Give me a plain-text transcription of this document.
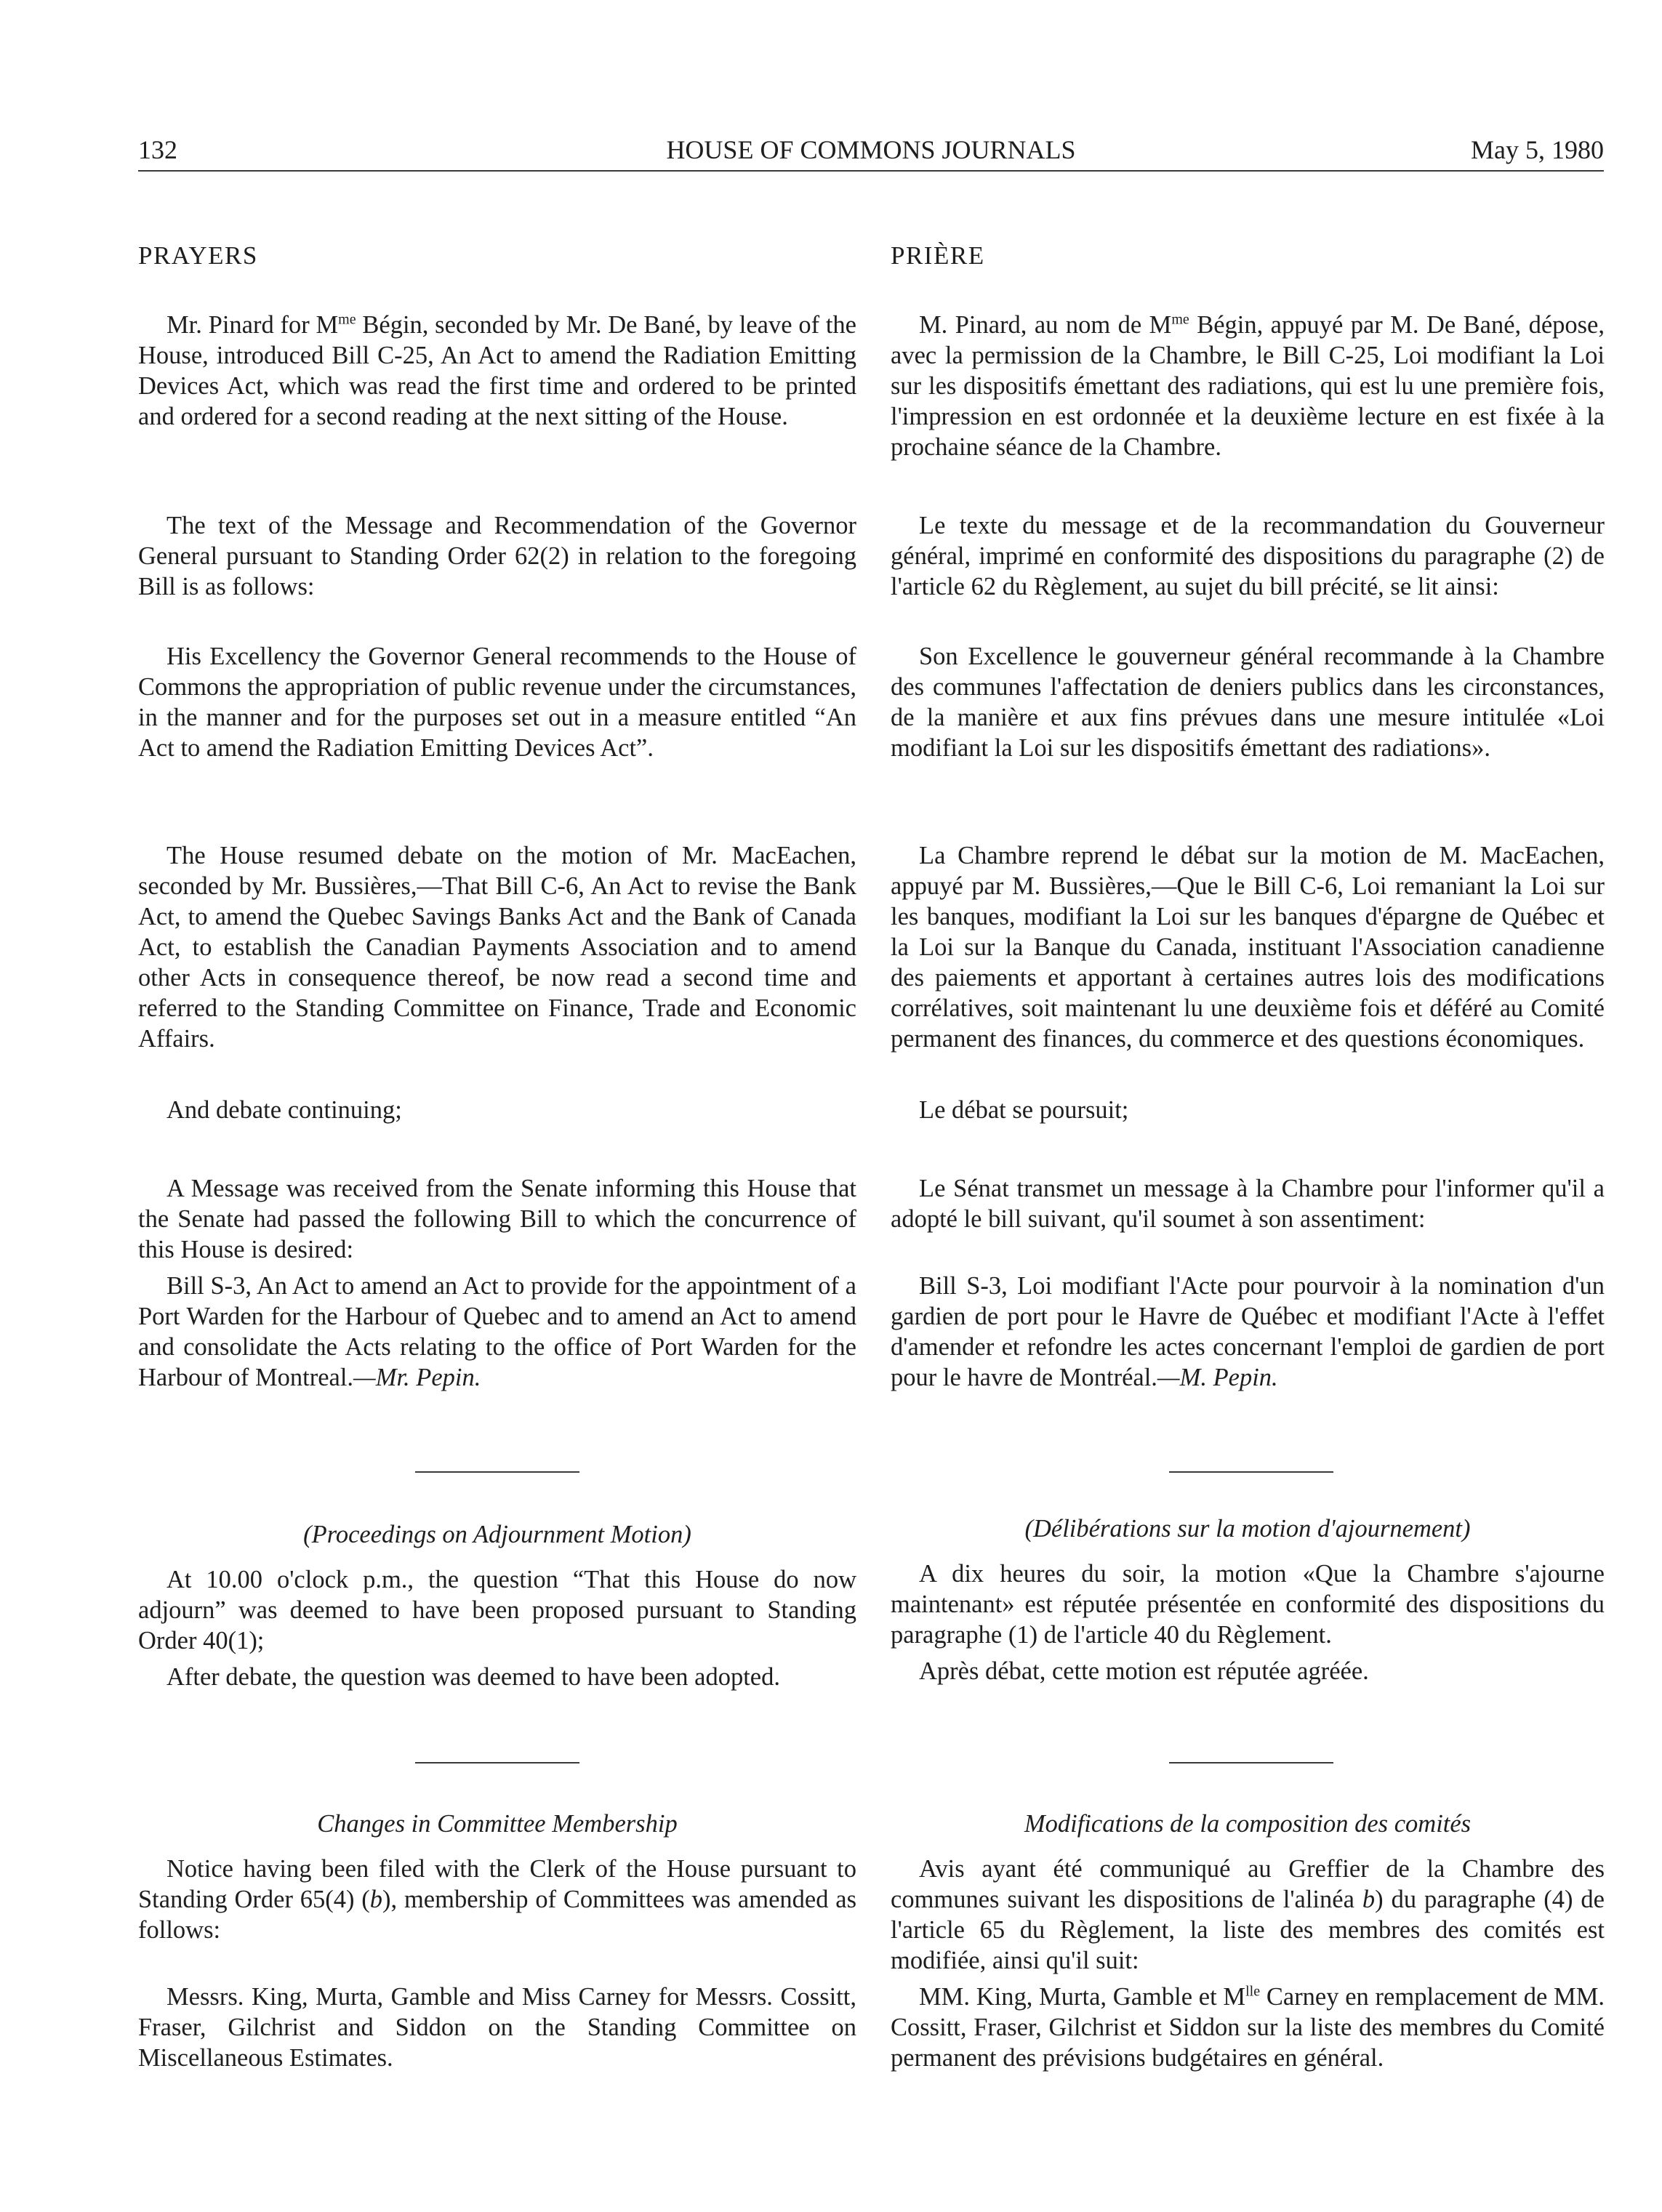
132	HOUSE OF COMMONS JOURNALS	May 5, 1980
PRAYERS
Mr. Pinard for $M^{me}$ Bégin, seconded by Mr. De Bané, by leave of the House, introduced Bill C-25, An Act to amend the Radiation Emitting Devices Act, which was read the first time and ordered to be printed and ordered for a second reading at the next sitting of the House.
The text of the Message and Recommendation of the Governor General pursuant to Standing Order 62(2) in relation to the foregoing Bill is as follows:
His Excellency the Governor General recommends to the House of Commons the appropriation of public revenue under the circumstances, in the manner and for the purposes set out in a measure entitled “An Act to amend the Radiation Emitting Devices Act”.
The House resumed debate on the motion of Mr. MacEachen, seconded by Mr. Bussières,—That Bill C-6, An Act to revise the Bank Act, to amend the Quebec Savings Banks Act and the Bank of Canada Act, to establish the Canadian Payments Association and to amend other Acts in consequence thereof, be now read a second time and referred to the Standing Committee on Finance, Trade and Economic Affairs.
And debate continuing;
A Message was received from the Senate informing this House that the Senate had passed the following Bill to which the concurrence of this House is desired:
Bill S-3, An Act to amend an Act to provide for the appointment of a Port Warden for the Harbour of Quebec and to amend an Act to amend and consolidate the Acts relating to the office of Port Warden for the Harbour of Montreal.—Mr. Pepin.
(Proceedings on Adjournment Motion)
At 10.00 o'clock p.m., the question “That this House do now adjourn” was deemed to have been proposed pursuant to Standing Order 40(1);
After debate, the question was deemed to have been adopted.
Changes in Committee Membership
Notice having been filed with the Clerk of the House pursuant to Standing Order 65(4) (b), membership of Committees was amended as follows:
Messrs. King, Murta, Gamble and Miss Carney for Messrs. Cossitt, Fraser, Gilchrist and Siddon on the Standing Committee on Miscellaneous Estimates.
PRIÈRE
M. Pinard, au nom de $M^{me}$ Bégin, appuyé par M. De Bané, dépose, avec la permission de la Chambre, le Bill C-25, Loi modifiant la Loi sur les dispositifs émettant des radiations, qui est lu une première fois, l'impression en est ordonnée et la deuxième lecture en est fixée à la prochaine séance de la Chambre.
Le texte du message et de la recommandation du Gouverneur général, imprimé en conformité des dispositions du paragraphe (2) de l'article 62 du Règlement, au sujet du bill précité, se lit ainsi:
Son Excellence le gouverneur général recommande à la Chambre des communes l'affectation de deniers publics dans les circonstances, de la manière et aux fins prévues dans une mesure intitulée «Loi modifiant la Loi sur les dispositifs émettant des radiations».
La Chambre reprend le débat sur la motion de M. MacEachen, appuyé par M. Bussières,—Que le Bill C-6, Loi remaniant la Loi sur les banques, modifiant la Loi sur les banques d'épargne de Québec et la Loi sur la Banque du Canada, instituant l'Association canadienne des paiements et apportant à certaines autres lois des modifications corrélatives, soit maintenant lu une deuxième fois et déféré au Comité permanent des finances, du commerce et des questions économiques.
Le débat se poursuit;
Le Sénat transmet un message à la Chambre pour l'informer qu'il a adopté le bill suivant, qu'il soumet à son assentiment:
Bill S-3, Loi modifiant l'Acte pour pourvoir à la nomination d'un gardien de port pour le Havre de Québec et modifiant l'Acte à l'effet d'amender et refondre les actes concernant l'emploi de gardien de port pour le havre de Montréal.—M. Pepin.
(Délibérations sur la motion d'ajournement)
A dix heures du soir, la motion «Que la Chambre s'ajourne maintenant» est réputée présentée en conformité des dispositions du paragraphe (1) de l'article 40 du Règlement.
Après débat, cette motion est réputée agréée.
Modifications de la composition des comités
Avis ayant été communiqué au Greffier de la Chambre des communes suivant les dispositions de l'alinéa b) du paragraphe (4) de l'article 65 du Règlement, la liste des membres des comités est modifiée, ainsi qu'il suit:
MM. King, Murta, Gamble et $M^{lle}$ Carney en remplacement de MM. Cossitt, Fraser, Gilchrist et Siddon sur la liste des membres du Comité permanent des prévisions budgétaires en général.
